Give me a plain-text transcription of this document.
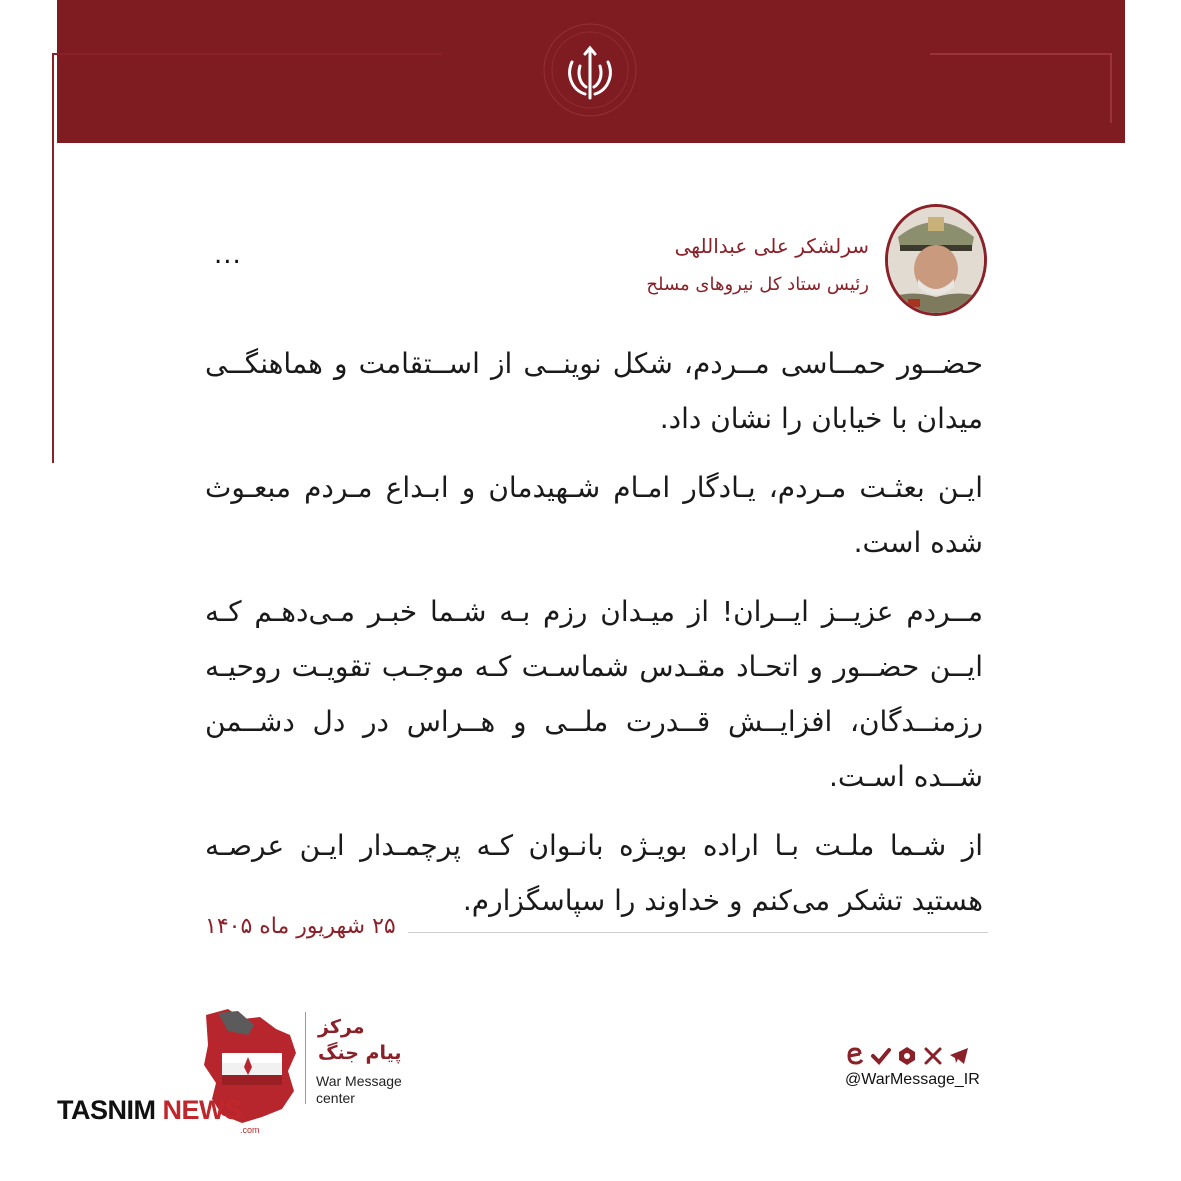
سرلشکر علی عبداللهی
رئیس ستاد کل نیروهای مسلح
...

حضــور حمــاسی مــردم، شکل نوینــی از اســتقامت و هماهنگــی میدان با خیابان را نشان داد.

ایـن بعثـت مـردم، یـادگار امـام شـهیدمان و ابـداع مـردم مبعـوث شده است.

مــردم عزیــز ایــران! از میـدان رزم بـه شـما خبـر مـی‌دهـم کـه ایــن حضــور و اتحـاد مقـدس شماسـت کـه موجـب تقویـت روحیـه رزمنــدگان، افزایــش قــدرت ملــی و هــراس در دل دشــمن شــده اسـت.

از شـما ملـت بـا اراده بویـژه بانـوان کـه پرچمـدار ایـن عرصـه هستید تشکر می‌کنم و خداوند را سپاسگزارم.

۲۵ شهریور ماه ۱۴۰۵
مرکز
پیام جنگ
War Message
center
TASNIM NEWS
.com
@WarMessage_IR
